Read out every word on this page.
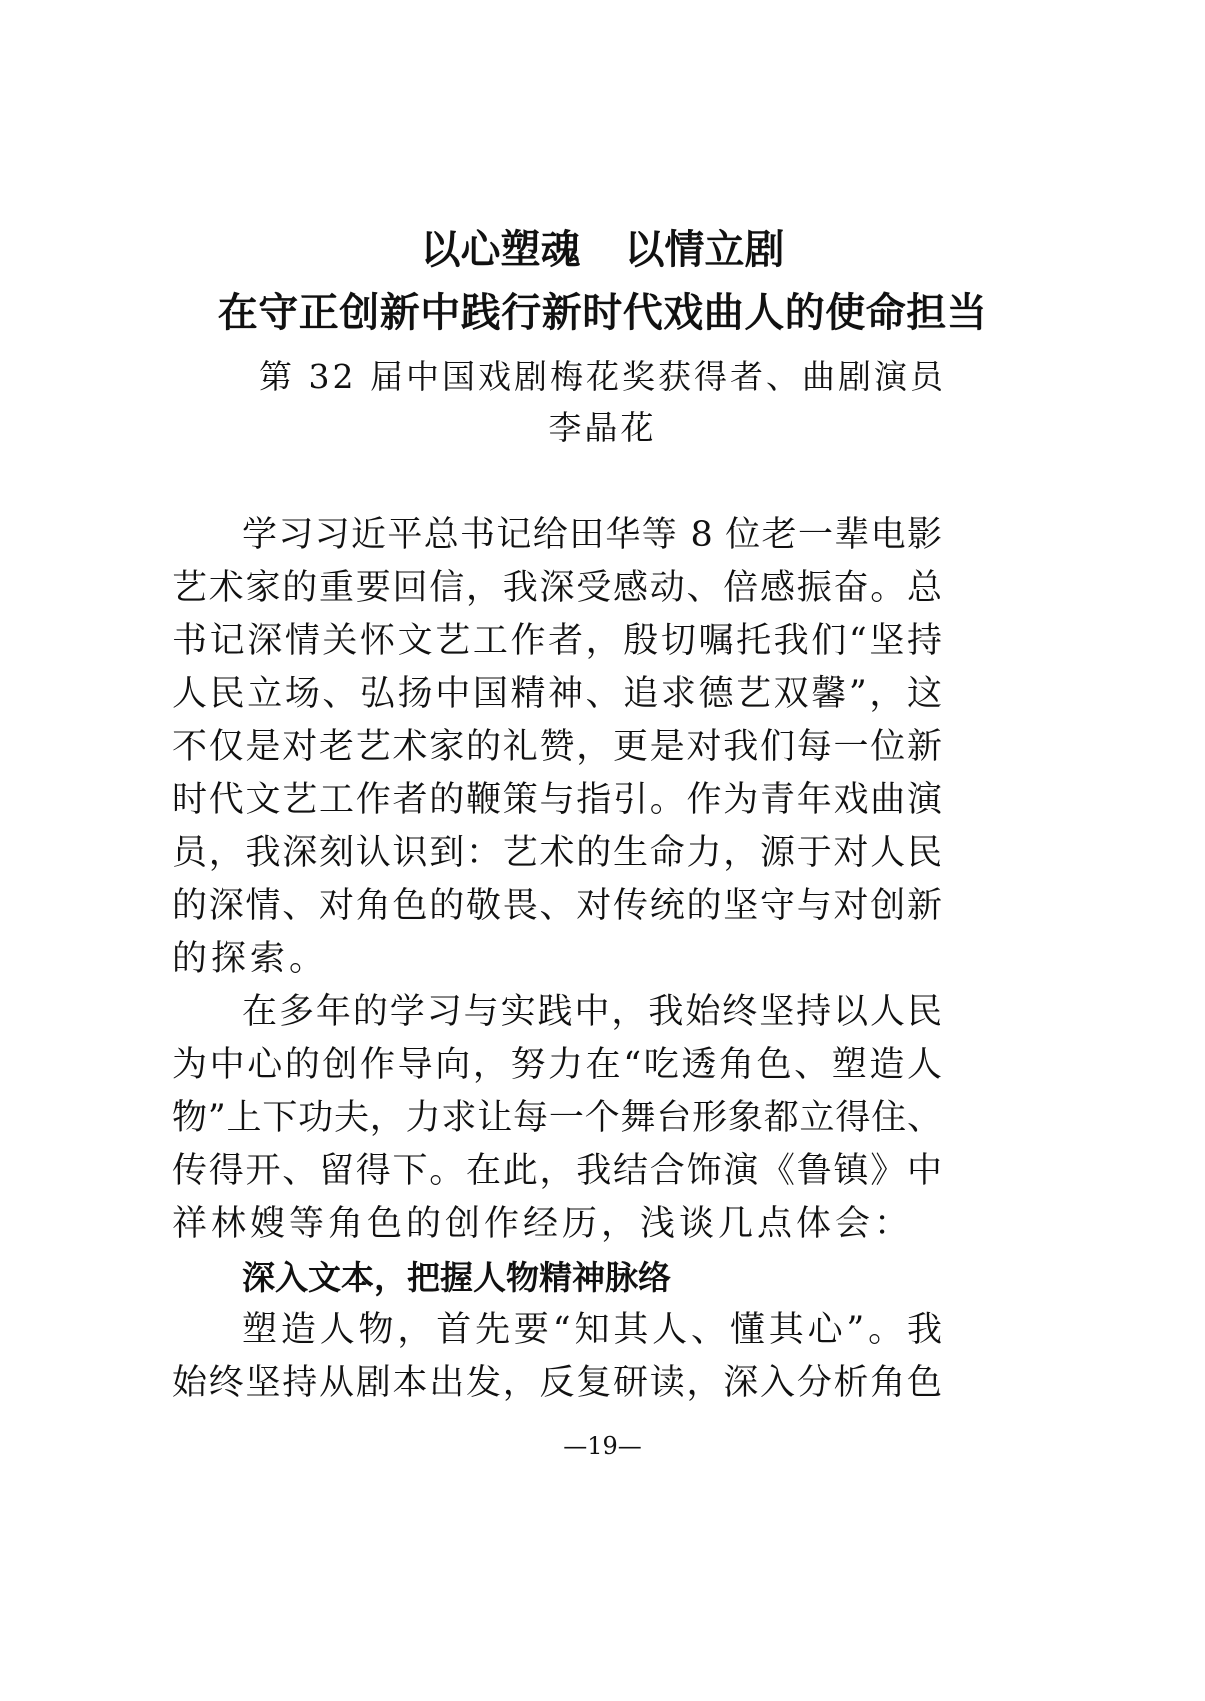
以心塑魂 以情立剧
在守正创新中践行新时代戏曲人的使命担当
第 32 届中国戏剧梅花奖获得者、曲剧演员
李晶花
学习习近平总书记给田华等 8 位老一辈电影
艺术家的重要回信，我深受感动、倍感振奋。总
书记深情关怀文艺工作者，殷切嘱托我们“坚持
人民立场、弘扬中国精神、追求德艺双馨”，这
不仅是对老艺术家的礼赞，更是对我们每一位新
时代文艺工作者的鞭策与指引。作为青年戏曲演
员，我深刻认识到：艺术的生命力，源于对人民
的深情、对角色的敬畏、对传统的坚守与对创新
的探索。
在多年的学习与实践中，我始终坚持以人民
为中心的创作导向，努力在“吃透角色、塑造人
物”上下功夫，力求让每一个舞台形象都立得住、
传得开、留得下。在此，我结合饰演《鲁镇》中
祥林嫂等角色的创作经历，浅谈几点体会：
深入文本，把握人物精神脉络
塑造人物，首先要“知其人、懂其心”。我
始终坚持从剧本出发，反复研读，深入分析角色
—19—
